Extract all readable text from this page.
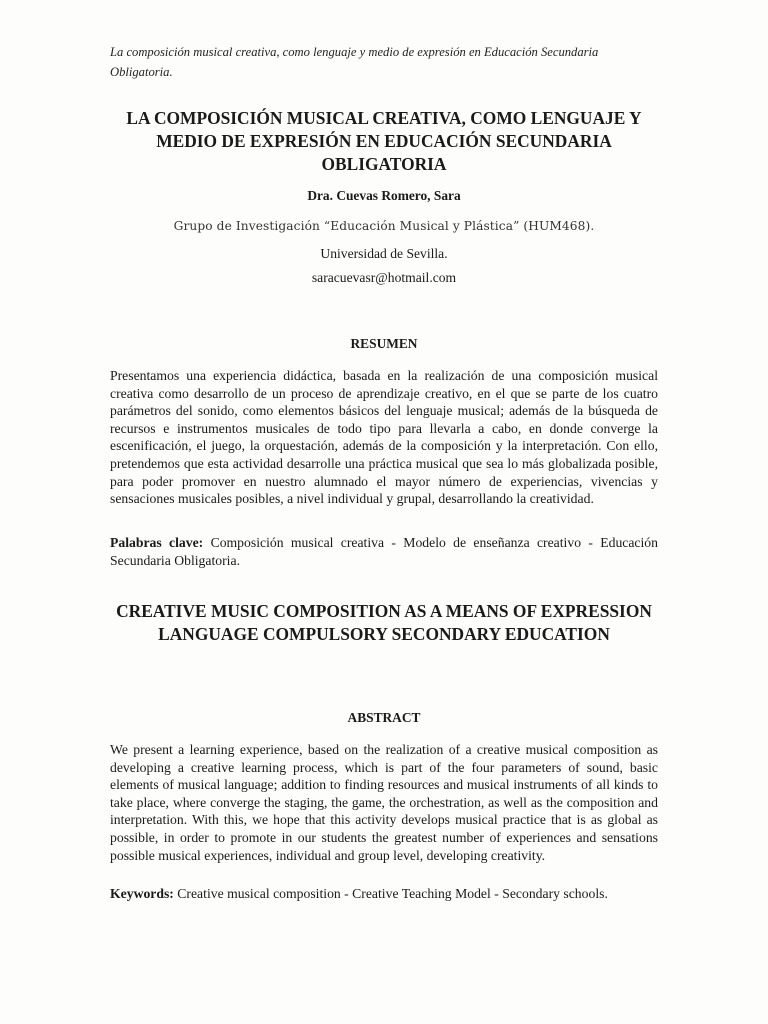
La composición musical creativa, como lenguaje y medio de expresión en Educación Secundaria Obligatoria.
LA COMPOSICIÓN MUSICAL CREATIVA, COMO LENGUAJE Y MEDIO DE EXPRESIÓN EN EDUCACIÓN SECUNDARIA OBLIGATORIA
Dra. Cuevas Romero, Sara
Grupo de Investigación “Educación Musical y Plástica” (HUM468).
Universidad de Sevilla.
saracuevasr@hotmail.com
RESUMEN

Presentamos una experiencia didáctica, basada en la realización de una composición musical creativa como desarrollo de un proceso de aprendizaje creativo, en el que se parte de los cuatro parámetros del sonido, como elementos básicos del lenguaje musical; además de la búsqueda de recursos e instrumentos musicales de todo tipo para llevarla a cabo, en donde converge la escenificación, el juego, la orquestación, además de la composición y la interpretación. Con ello, pretendemos que esta actividad desarrolle una práctica musical que sea lo más globalizada posible, para poder promover en nuestro alumnado el mayor número de experiencias, vivencias y sensaciones musicales posibles, a nivel individual y grupal, desarrollando la creatividad.

Palabras clave: Composición musical creativa - Modelo de enseñanza creativo - Educación Secundaria Obligatoria.

CREATIVE MUSIC COMPOSITION AS A MEANS OF EXPRESSION LANGUAGE COMPULSORY SECONDARY EDUCATION
ABSTRACT

We present a learning experience, based on the realization of a creative musical composition as developing a creative learning process, which is part of the four parameters of sound, basic elements of musical language; addition to finding resources and musical instruments of all kinds to take place, where converge the staging, the game, the orchestration, as well as the composition and interpretation. With this, we hope that this activity develops musical practice that is as global as possible, in order to promote in our students the greatest number of experiences and sensations possible musical experiences, individual and group level, developing creativity.

Keywords: Creative musical composition - Creative Teaching Model - Secondary schools.
